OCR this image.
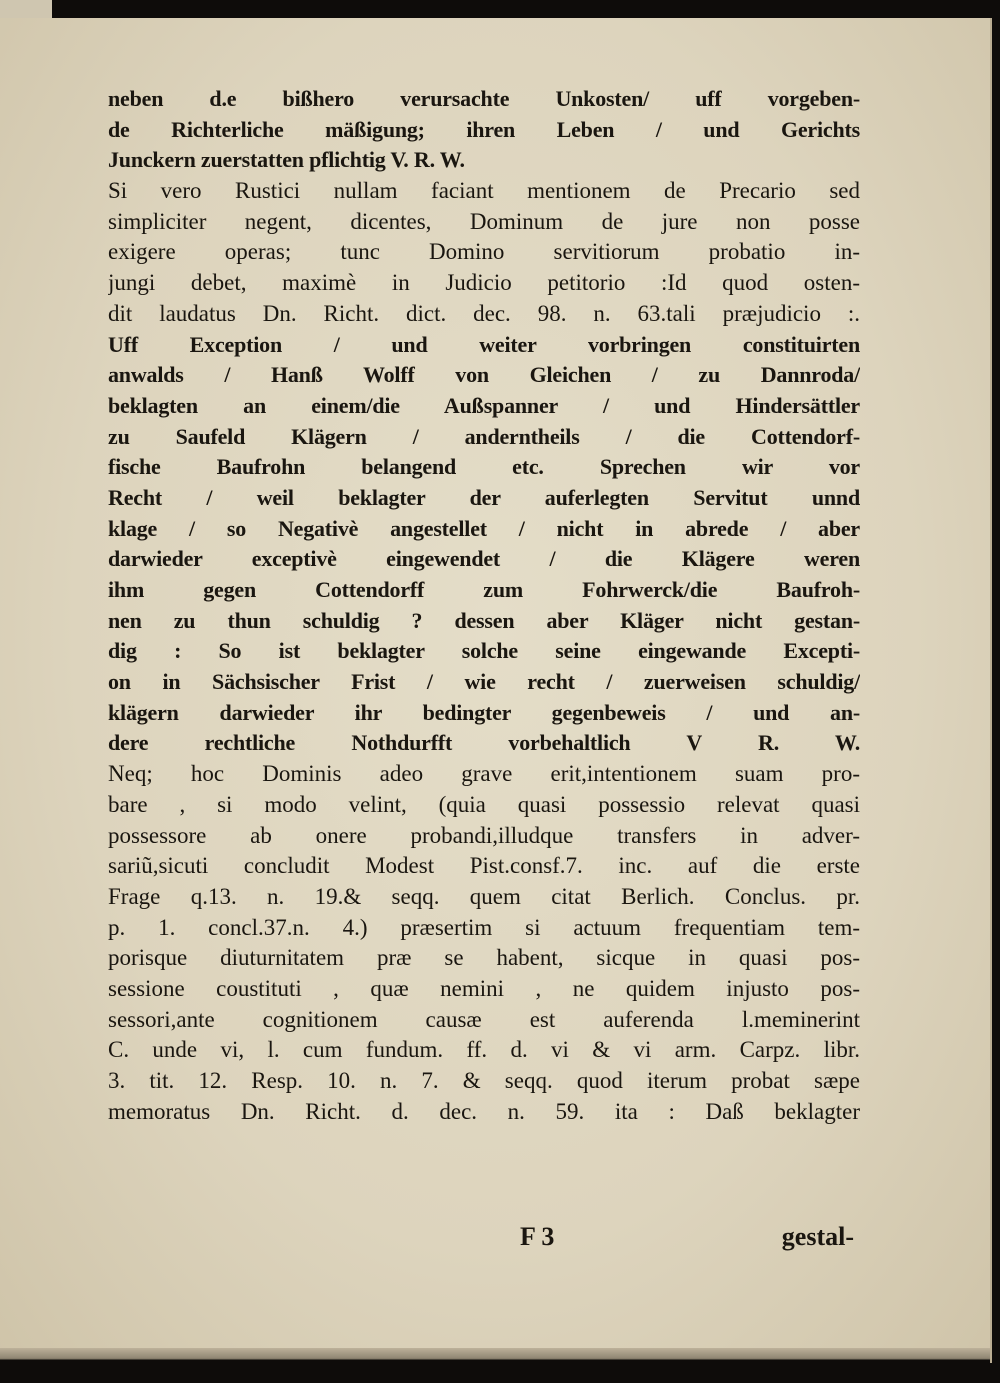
neben d.e bißhero verursachte Unkosten/ uff vorgeben-
de Richterliche mäßigung; ihren Leben / und Gerichts
Junckern zuerstatten pflichtig V. R. W.
Si vero Rustici nullam faciant mentionem de Precario sed
simpliciter negent, dicentes, Dominum de jure non posse
exigere operas; tunc Domino servitiorum probatio in-
jungi debet, maximè in Judicio petitorio :Id quod osten-
dit laudatus Dn. Richt. dict. dec. 98. n. 63.tali præjudicio :.
Uff Exception / und weiter vorbringen constituirten
anwalds / Hanß Wolff von Gleichen / zu Dannroda/
beklagten an einem/die Außspanner / und Hindersättler
zu Saufeld Klägern / anderntheils / die Cottendorf-
fische Baufrohn belangend etc. Sprechen wir vor
Recht / weil beklagter der auferlegten Servitut unnd
klage / so Negativè angestellet / nicht in abrede / aber
darwieder exceptivè eingewendet / die Klägere weren
ihm gegen Cottendorff zum Fohrwerck/die Baufroh-
nen zu thun schuldig ? dessen aber Kläger nicht gestan-
dig : So ist beklagter solche seine eingewande Excepti-
on in Sächsischer Frist / wie recht / zuerweisen schuldig/
klägern darwieder ihr bedingter gegenbeweis / und an-
dere rechtliche Nothdurfft vorbehaltlich V R. W.
Neq; hoc Dominis adeo grave erit,intentionem suam pro-
bare , si modo velint, (quia quasi possessio relevat quasi
possessore ab onere probandi,illudque transfers in adver-
sariũ,sicuti concludit Modest Pist.consf.7. inc. auf die erste
Frage q.13. n. 19.& seqq. quem citat Berlich. Conclus. pr.
p. 1. concl.37.n. 4.) præsertim si actuum frequentiam tem-
porisque diuturnitatem præ se habent, sicque in quasi pos-
sessione coustituti , quæ nemini , ne quidem injusto pos-
sessori,ante cognitionem causæ est auferenda l.meminerint
C. unde vi, l. cum fundum. ff. d. vi & vi arm. Carpz. libr.
3. tit. 12. Resp. 10. n. 7. & seqq. quod iterum probat sæpe
memoratus Dn. Richt. d. dec. n. 59. ita : Daß beklagter
F 3	gestal-
